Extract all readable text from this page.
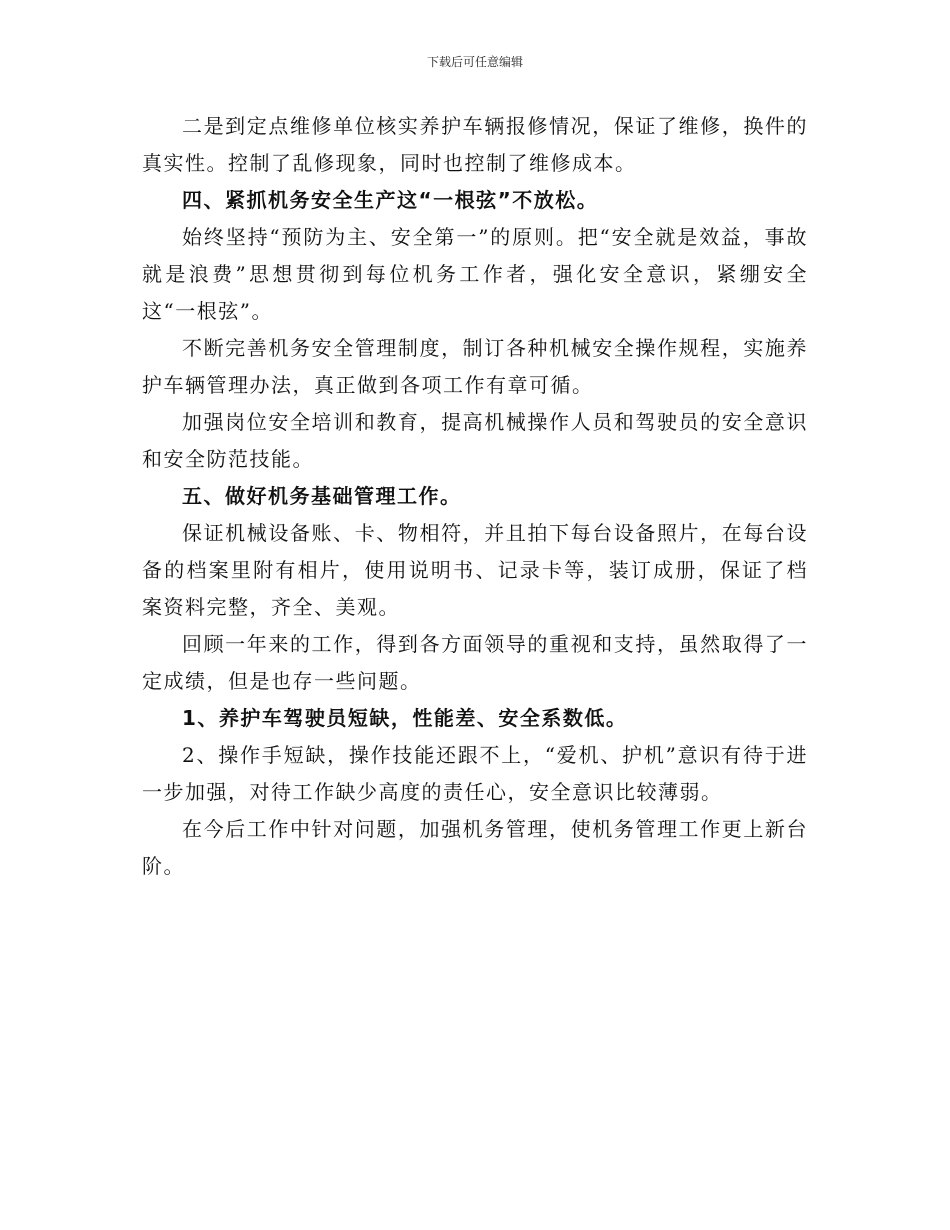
下载后可任意编辑

二是到定点维修单位核实养护车辆报修情况，保证了维修，换件的真实性。控制了乱修现象，同时也控制了维修成本。

四、紧抓机务安全生产这“一根弦”不放松。

始终坚持“预防为主、安全第一”的原则。把“安全就是效益，事故就是浪费”思想贯彻到每位机务工作者，强化安全意识，紧绷安全这“一根弦”。

不断完善机务安全管理制度，制订各种机械安全操作规程，实施养护车辆管理办法，真正做到各项工作有章可循。

加强岗位安全培训和教育，提高机械操作人员和驾驶员的安全意识和安全防范技能。

五、做好机务基础管理工作。

保证机械设备账、卡、物相符，并且拍下每台设备照片，在每台设备的档案里附有相片，使用说明书、记录卡等，装订成册，保证了档案资料完整，齐全、美观。

回顾一年来的工作，得到各方面领导的重视和支持，虽然取得了一定成绩，但是也存一些问题。

1、养护车驾驶员短缺，性能差、安全系数低。

2、操作手短缺，操作技能还跟不上，“爱机、护机”意识有待于进一步加强，对待工作缺少高度的责任心，安全意识比较薄弱。

在今后工作中针对问题，加强机务管理，使机务管理工作更上新台阶。
